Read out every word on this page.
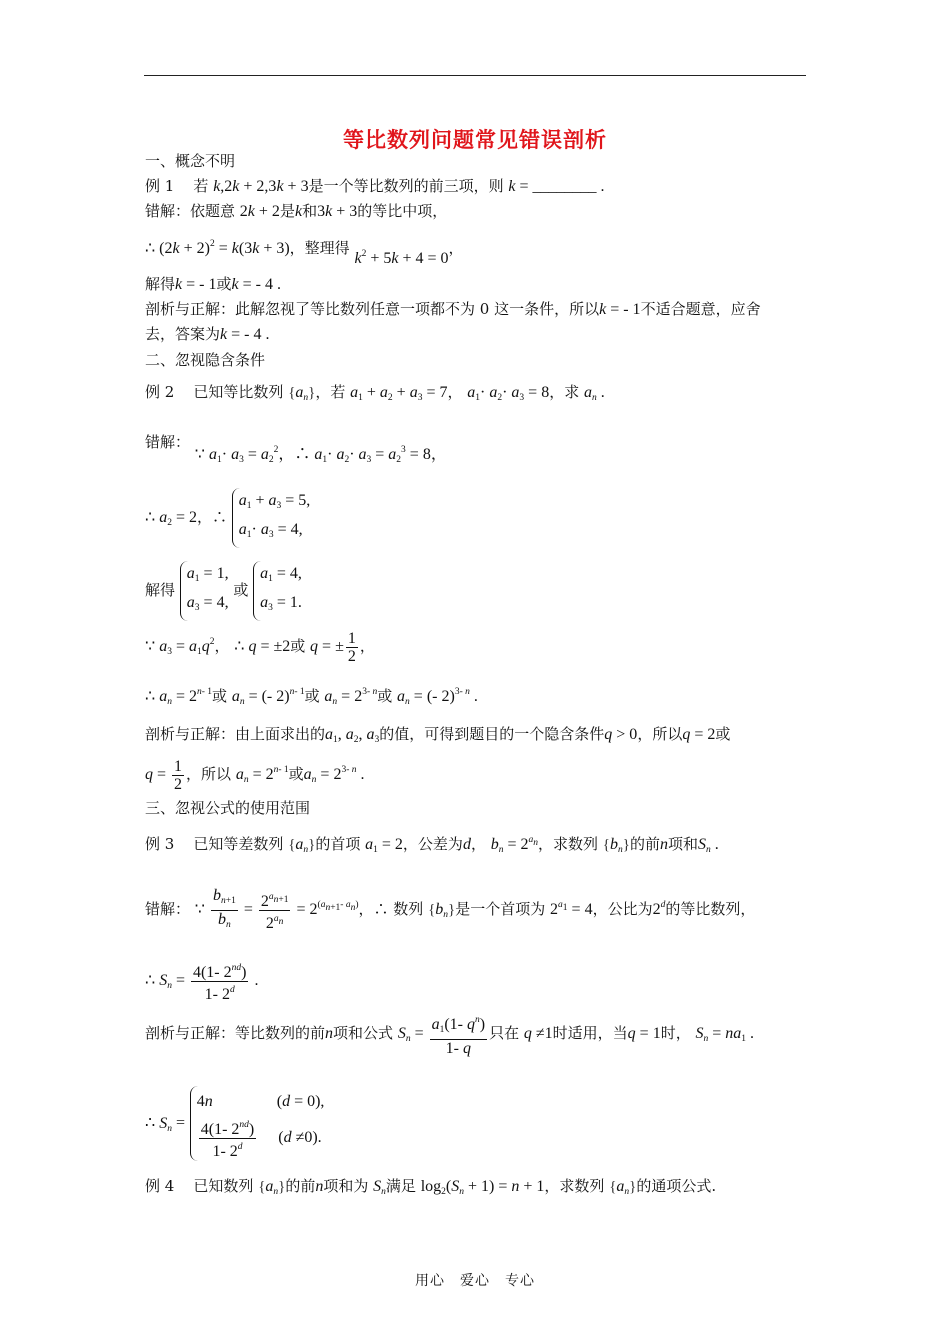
等比数列问题常见错误剖析
一、概念不明
例 1 若 k,2k + 2,3k + 3是一个等比数列的前三项，则 k = ________ .
错解：依题意 2k + 2是k和3k + 3的等比中项，
∴ $(2k + 2)^2 = k(3k + 3)$，整理得 $k^2 + 5k + 4 = 0$，
解得k = - 1或k = - 4 .
剖析与正解：此解忽视了等比数列任意一项都不为 0 这一条件，所以k = - 1不适合题意，应舍
去，答案为k = - 4 .
二、忽视隐含条件
例 2 已知等比数列 $\{a_n\}$，若 $a_1 + a_2 + a_3 = 7$， $a_1\cdot a_2\cdot a_3 = 8$，求 $a_n$ .
错解： ∵ $a_1\cdot a_3 = a_2^2$，∴ $a_1\cdot a_2\cdot a_3 = a_2^3 = 8$，
∴ $a_2 = 2$，∴
$a_1 + a_3 = 5$,
$a_1\cdot a_3 = 4$,
解得
$a_1 = 1$,
$a_3 = 4$,
或
$a_1 = 4$,
$a_3 = 1$.
∵ $a_3 = a_1q^2$， ∴ q = ±2或 q = ± $\frac{1}{2}$ ，
∴ $a_n = 2^{n- 1}$或 $a_n$ = (- 2)$^{n- 1}$或 $a_n = 2^{3- n}$或 $a_n$ = (- 2)$^{3- n}$ .
剖析与正解：由上面求出的$a_1$, $a_2$, $a_3$的值，可得到题目的一个隐含条件q > 0，所以q = 2或
$q = \frac{1}{2}$ ，所以 $a_n = 2^{n- 1}$或$a_n = 2^{3- n}$ .
三、忽视公式的使用范围
例 3 已知等差数列 $\{a_n\}$的首项 $a_1 = 2$，公差为d， $b_n = 2^{a_n}$，求数列 $\{b_n\}$的前n项和$S_n$ .
错解： ∵ $\frac{b_{n+1}}{b_n} = \frac{2^{a_{n+1}}}{2^{a_n}} = 2^{(a_{n+1}- a_n)}$，∴ 数列 $\{b_n\}$是一个首项为 $2^{a_1} = 4$，公比为2$^d$的等比数列，
∴ $S_n = \frac{4(1- 2^{nd})}{1- 2^d}$ .
剖析与正解：等比数列的前n项和公式 $S_n = \frac{a_1(1- q^n)}{1- q}$ 只在 q ≠1时适用，当q = 1时， $S_n = na_1$ .
∴ $S_n$ =
4n                (d = 0),
$\frac{4(1- 2^{nd})}{1- 2^d} (d \ne 0)$.
例 4 已知数列 $\{a_n\}$的前n项和为 $S_n$满足 $\log_2(S_n + 1) = n + 1$，求数列 $\{a_n\}$的通项公式.
用心　爱心　专心
